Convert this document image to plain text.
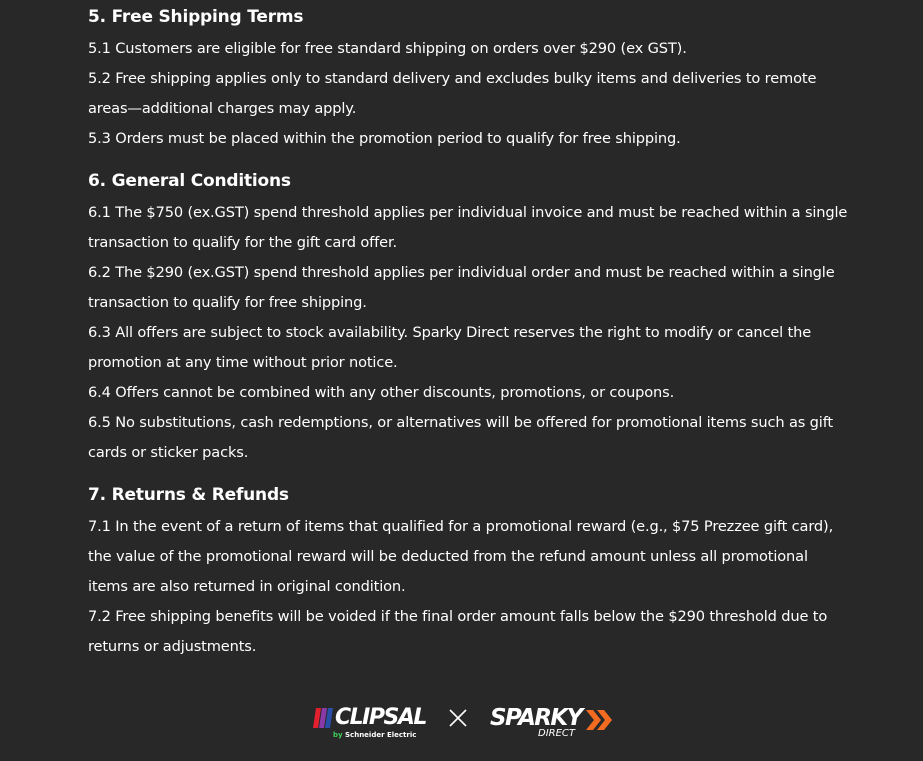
5. Free Shipping Terms

5.1 Customers are eligible for free standard shipping on orders over $290 (ex GST).

5.2 Free shipping applies only to standard delivery and excludes bulky items and deliveries to remote areas—additional charges may apply.

5.3 Orders must be placed within the promotion period to qualify for free shipping.

6. General Conditions

6.1 The $750 (ex.GST) spend threshold applies per individual invoice and must be reached within a single transaction to qualify for the gift card offer.

6.2 The $290 (ex.GST) spend threshold applies per individual order and must be reached within a single transaction to qualify for free shipping.

6.3 All offers are subject to stock availability. Sparky Direct reserves the right to modify or cancel the promotion at any time without prior notice.

6.4 Offers cannot be combined with any other discounts, promotions, or coupons.

6.5 No substitutions, cash redemptions, or alternatives will be offered for promotional items such as gift cards or sticker packs.

7. Returns & Refunds

7.1 In the event of a return of items that qualified for a promotional reward (e.g., $75 Prezzee gift card), the value of the promotional reward will be deducted from the refund amount unless all promotional items are also returned in original condition.

7.2 Free shipping benefits will be voided if the final order amount falls below the $290 threshold due to returns or adjustments.

CLIPSAL
by Schneider Electric
SPARKY
DIRECT
